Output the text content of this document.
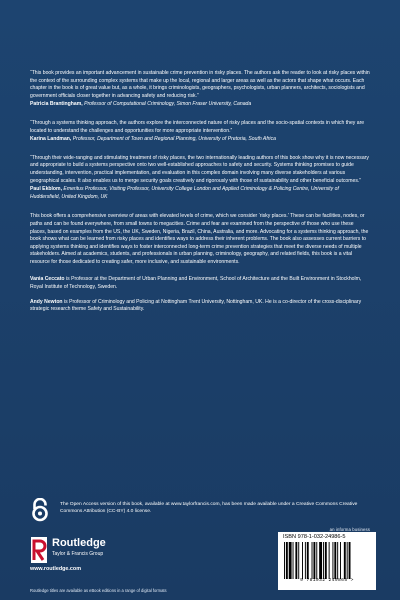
“This book provides an important advancement in sustainable crime prevention in risky places. The authors ask the reader to look at risky places within the context of the surrounding complex systems that make up the local, regional and larger areas as well as the actors that shape what occurs. Each chapter in the book is of great value but, as a whole, it brings criminologists, geographers, psychologists, urban planners, architects, sociologists and government officials closer together in advancing safety and reducing risk.”

Patricia Brantingham, Professor of Computational Criminology, Simon Fraser University, Canada

“Through a systems thinking approach, the authors explore the interconnected nature of risky places and the socio-spatial contexts in which they are located to understand the challenges and opportunities for more appropriate intervention.”

Karina Landman, Professor, Department of Town and Regional Planning, University of Pretoria, South Africa

“Through their wide-ranging and stimulating treatment of risky places, the two internationally leading authors of this book show why it is now necessary and appropriate to build a systems perspective onto two well-established approaches to safety and security. Systems thinking promises to guide understanding, intervention, practical implementation, and evaluation in this complex domain involving many diverse stakeholders at various geographical scales. It also enables us to merge security goals creatively and rigorously with those of sustainability and other beneficial outcomes.”

Paul Ekblom, Emeritus Professor, Visiting Professor, University College London and Applied Criminology & Policing Centre, University of Huddersfield, United Kingdom, UK

This book offers a comprehensive overview of areas with elevated levels of crime, which we consider ‘risky places.’ These can be facilities, nodes, or paths and can be found everywhere, from small towns to megacities. Crime and fear are examined from the perspective of those who use these places, based on examples from the US, the UK, Sweden, Nigeria, Brazil, China, Australia, and more. Advocating for a systems thinking approach, the book shows what can be learned from risky places and identifies ways to address their inherent problems. The book also assesses current barriers to applying systems thinking and identifies ways to foster interconnected long-term crime prevention strategies that meet the diverse needs of multiple stakeholders. Aimed at academics, students, and professionals in urban planning, criminology, geography, and related fields, this book is a vital resource for those dedicated to creating safer, more inclusive, and sustainable environments.

Vania Ceccato is Professor at the Department of Urban Planning and Environment, School of Architecture and the Built Environment in Stockholm, Royal Institute of Technology, Sweden.

Andy Newton is Professor of Criminology and Policing at Nottingham Trent University, Nottingham, UK. He is a co-director of the cross-disciplinary strategic research theme Safety and Sustainability.

The Open Access version of this book, available at www.taylorfrancis.com, has been made available under a Creative Commons Creative Commons Attribution (CC-BY) 4.0 license.
an informa business
Routledge
Taylor & Francis Group
www.routledge.com
Routledge titles are available as eBook editions in a range of digital formats
ISBN 978-1-032-24986-5
9 781032 249865 >
